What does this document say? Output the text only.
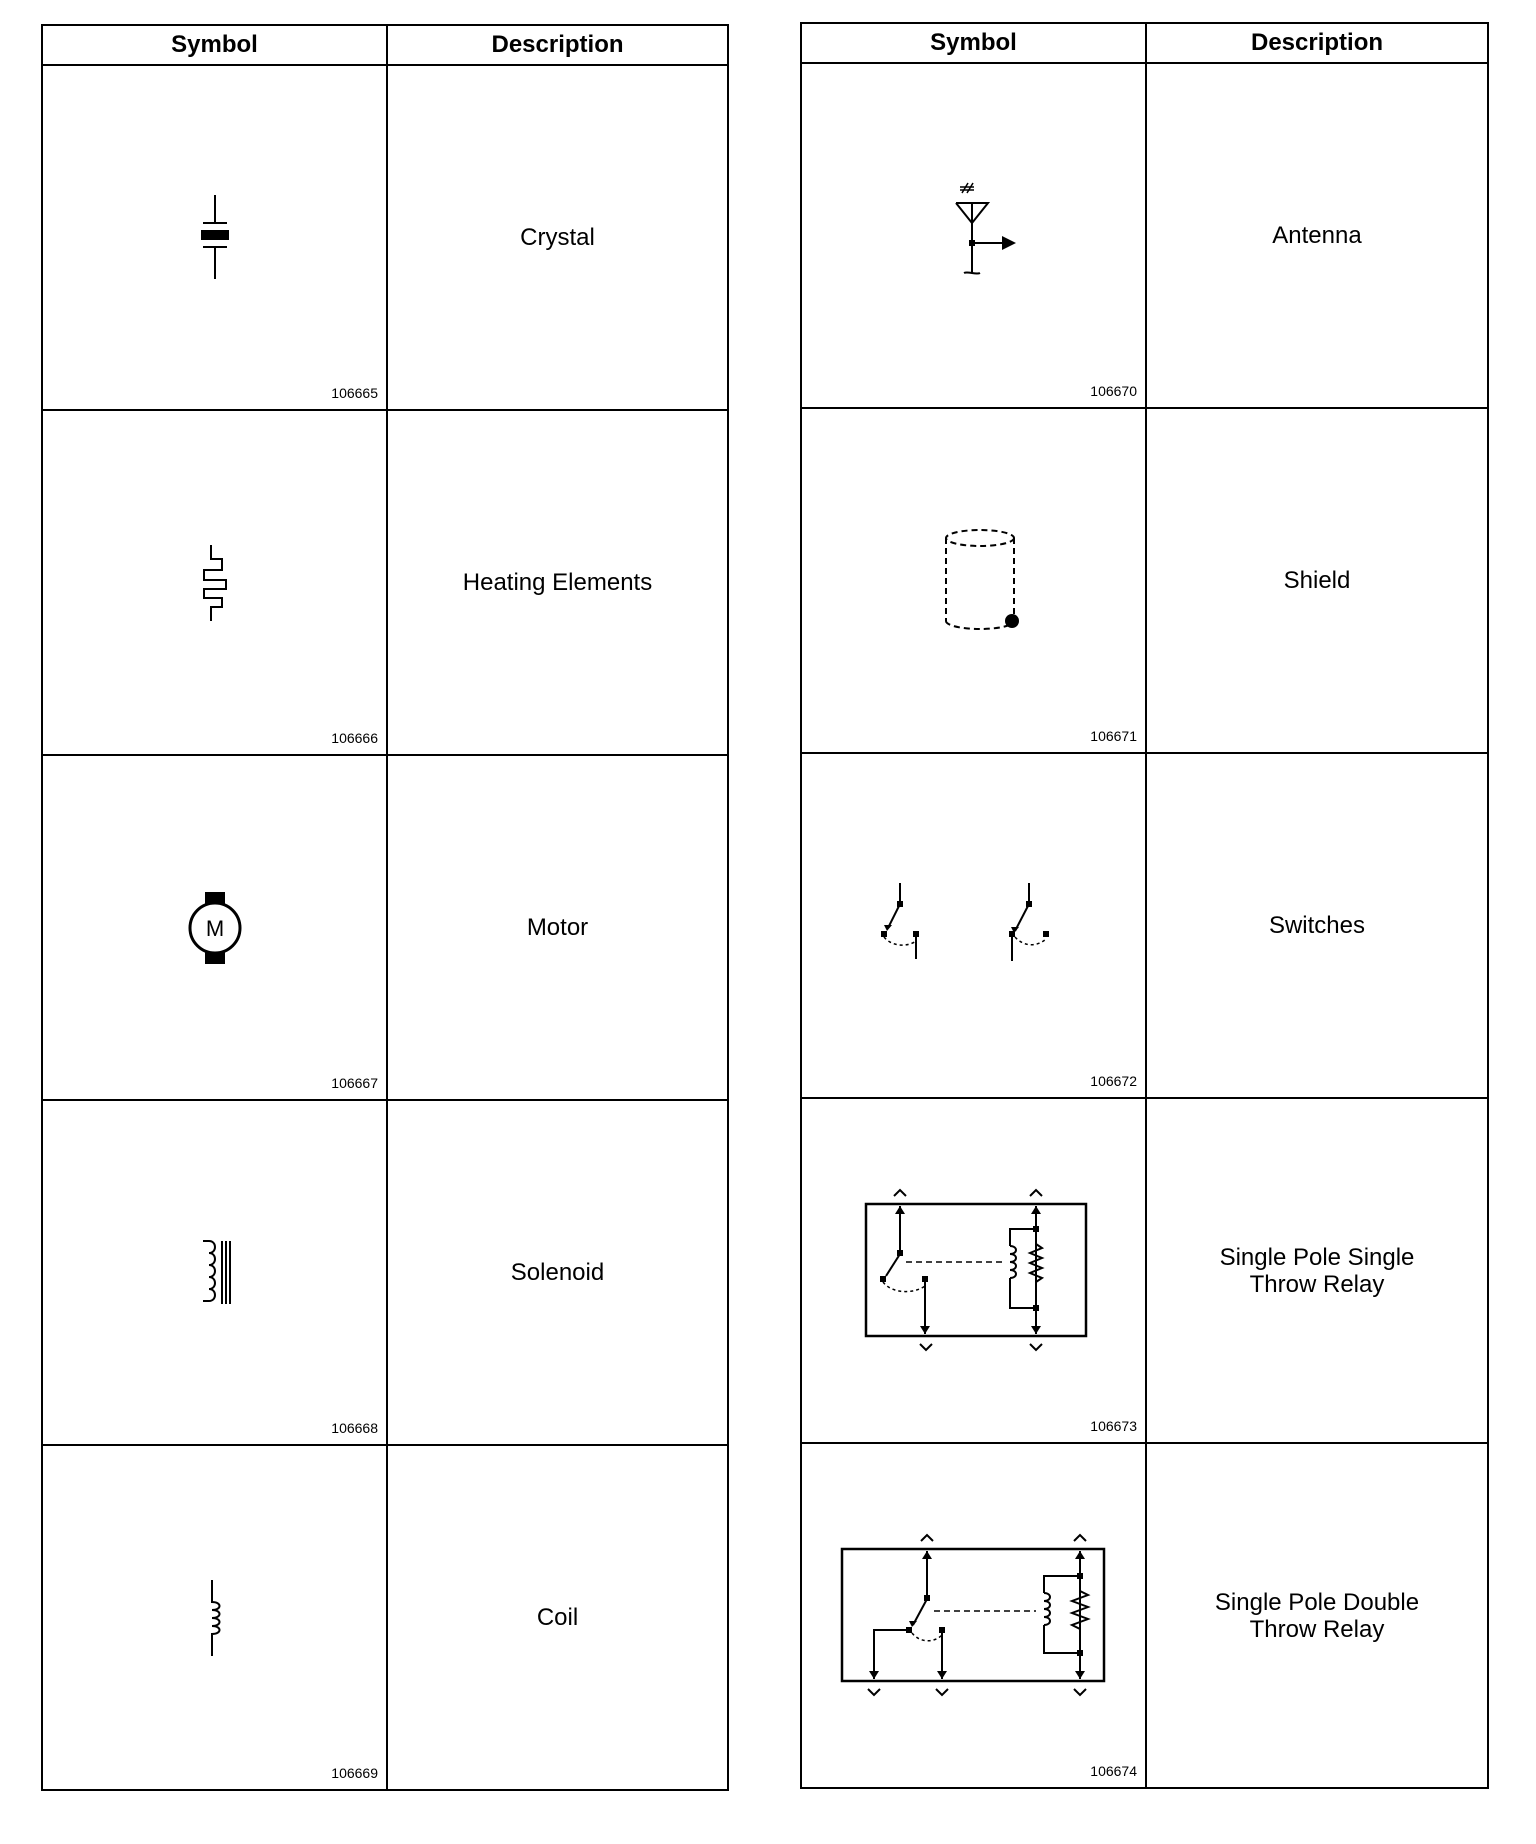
Symbol	Description

106665	Crystal

106666	Heating Elements

M
106667	Motor

106668	Solenoid

106669	Coil
Symbol	Description

106670	Antenna

106671	Shield

106672	Switches

106673	Single Pole Single
Throw Relay

106674	Single Pole Double
Throw Relay
